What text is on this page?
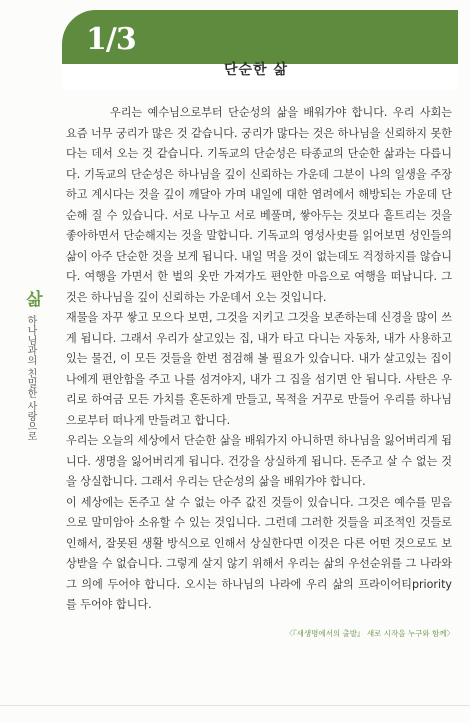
1/3
단순한 삶
삶
하나님과의 친밀한 사랑으로

우리는 예수님으로부터 단순성의 삶을 배워가야 합니다. 우리 사회는 요즘 너무 궁리가 많은 것 같습니다. 궁리가 많다는 것은 하나님을 신뢰하지 못한다는 데서 오는 것 같습니다. 기독교의 단순성은 타종교의 단순한 삶과는 다릅니다. 기독교의 단순성은 하나님을 깊이 신뢰하는 가운데 그분이 나의 일생을 주장하고 계시다는 것을 깊이 깨달아 가며 내일에 대한 염려에서 해방되는 가운데 단순해 질 수 있습니다. 서로 나누고 서로 베풀며, 쌓아두는 것보다 흩트리는 것을 좋아하면서 단순해지는 것을 말합니다. 기독교의 영성사史를 읽어보면 성인들의 삶이 아주 단순한 것을 보게 됩니다. 내일 먹을 것이 없는데도 걱정하지를 않습니다. 여행을 가면서 한 벌의 옷만 가져가도 편안한 마음으로 여행을 떠납니다. 그것은 하나님을 깊이 신뢰하는 가운데서 오는 것입니다.

재물을 자꾸 쌓고 모으다 보면, 그것을 지키고 그것을 보존하는데 신경을 많이 쓰게 됩니다. 그래서 우리가 살고있는 집, 내가 타고 다니는 자동차, 내가 사용하고 있는 물건, 이 모든 것들을 한번 점검해 볼 필요가 있습니다. 내가 살고있는 집이 나에게 편안함을 주고 나를 섬겨야지, 내가 그 집을 섬기면 안 됩니다. 사탄은 우리로 하여금 모든 가치를 혼돈하게 만들고, 목적을 거꾸로 만들어 우리를 하나님으로부터 떠나게 만들려고 합니다.

우리는 오늘의 세상에서 단순한 삶을 배워가지 아니하면 하나님을 잃어버리게 됩니다. 생명을 잃어버리게 됩니다. 건강을 상실하게 됩니다. 돈주고 살 수 없는 것을 상실합니다. 그래서 우리는 단순성의 삶을 배워가야 합니다.

이 세상에는 돈주고 살 수 없는 아주 값진 것들이 있습니다. 그것은 예수를 믿음으로 말미암아 소유할 수 있는 것입니다. 그런데 그러한 것들을 피조적인 것들로 인해서, 잘못된 생활 방식으로 인해서 상실한다면 이것은 다른 어떤 것으로도 보상받을 수 없습니다. 그렇게 살지 않기 위해서 우리는 삶의 우선순위를 그 나라와 그 의에 두어야 합니다. 오시는 하나님의 나라에 우리 삶의 프라이어티priority를 두어야 합니다.

〈『새생명에서의 출발』 새로 시작을 누구와 함께〉
